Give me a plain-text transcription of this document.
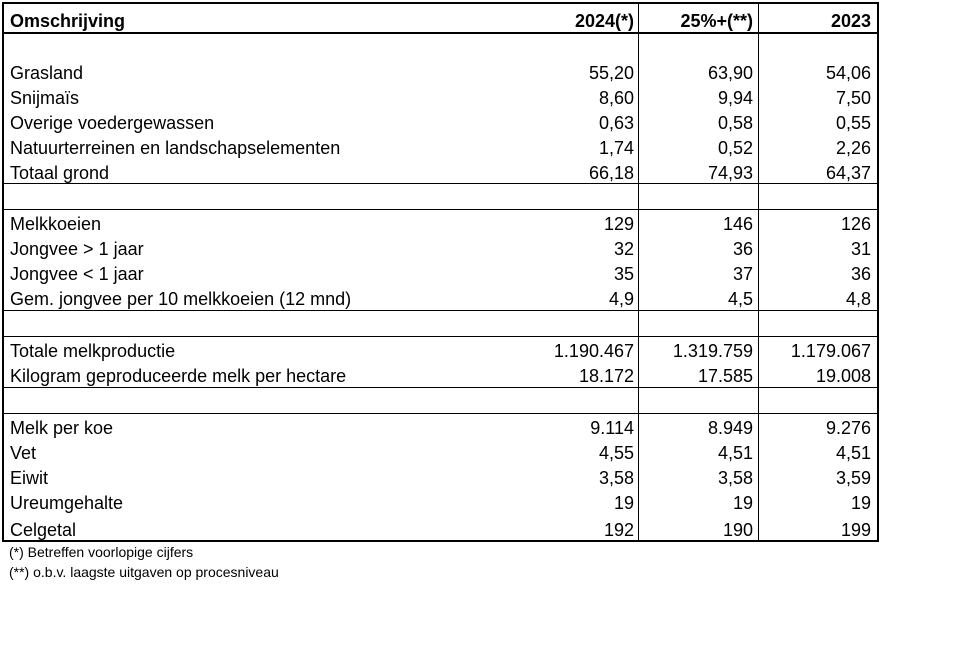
Omschrijving	2024(*)	25%+(**)	2023
Grasland	55,20	63,90	54,06
Snijmaïs	8,60	9,94	7,50
Overige voedergewassen	0,63	0,58	0,55
Natuurterreinen en landschapselementen	1,74	0,52	2,26
Totaal grond	66,18	74,93	64,37
Melkkoeien	129	146	126
Jongvee > 1 jaar	32	36	31
Jongvee < 1 jaar	35	37	36
Gem. jongvee per 10 melkkoeien (12 mnd)	4,9	4,5	4,8
Totale melkproductie	1.190.467	1.319.759	1.179.067
Kilogram geproduceerde melk per hectare	18.172	17.585	19.008
Melk per koe	9.114	8.949	9.276
Vet	4,55	4,51	4,51
Eiwit	3,58	3,58	3,59
Ureumgehalte	19	19	19
Celgetal	192	190	199
(*) Betreffen voorlopige cijfers
(**) o.b.v. laagste uitgaven op procesniveau
